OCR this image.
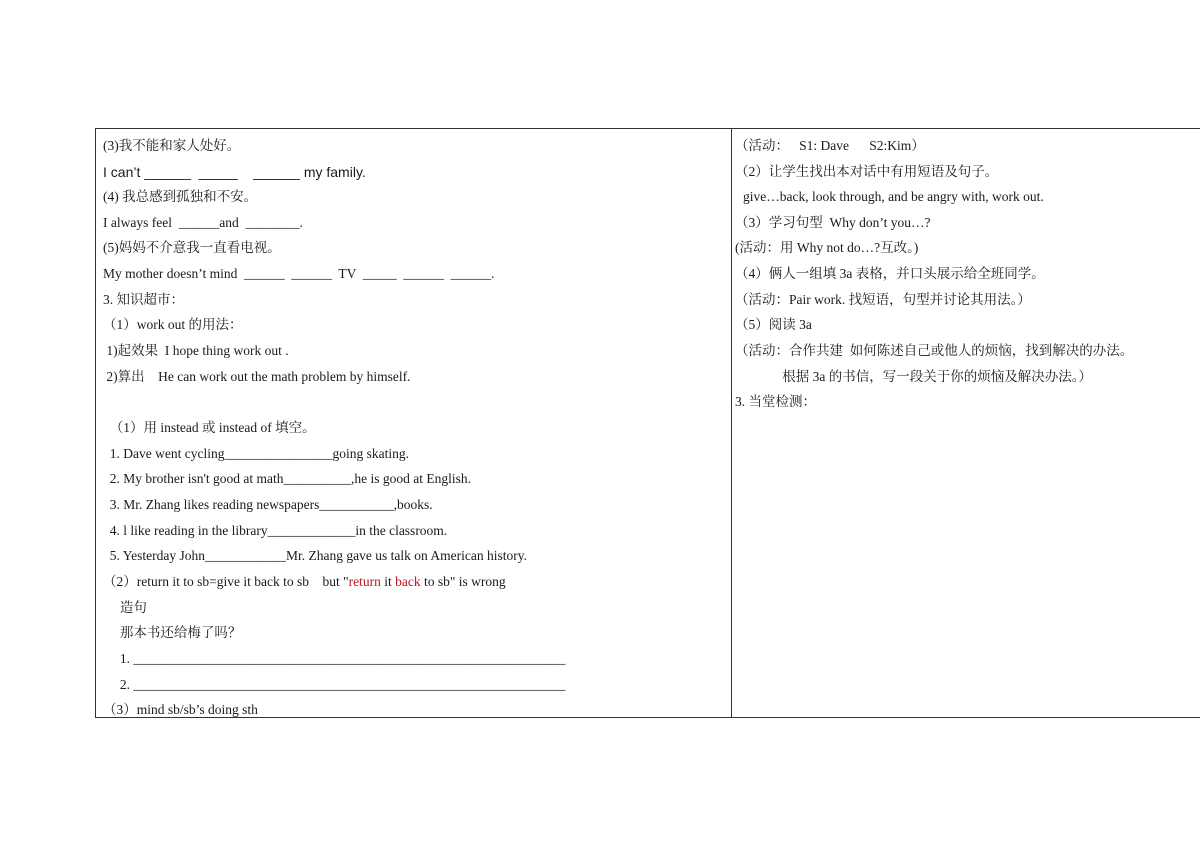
(3)我不能和家人处好。
I can’t ______  _____    ______ my family.
(4) 我总感到孤独和不安。
I always feel  ______and  ________.
(5)妈妈不介意我一直看电视。
My mother doesn’t mind  ______  ______  TV  _____  ______  ______.
3. 知识超市：
（1）work out 的用法：
1)起效果  I hope thing work out .
2)算出    He can work out the math problem by himself.
（1）用 instead 或 instead of 填空。
1. Dave went cycling________________going skating.
2. My brother isn't good at math__________,he is good at English.
3. Mr. Zhang likes reading newspapers___________,books.
4. l like reading in the library_____________in the classroom.
5. Yesterday John____________Mr. Zhang gave us talk on American history.
（2）return it to sb=give it back to sb    but "return it back to sb" is wrong
造句
那本书还给梅了吗？
1. ________________________________________________________________
2. ________________________________________________________________
（3）mind sb/sb’s doing sth
（活动：   S1: Dave      S2:Kim）
（2）让学生找出本对话中有用短语及句子。
give…back, look through, and be angry with, work out.
（3）学习句型  Why don’t you…?
(活动：用 Why not do…?互改。)
（4）俩人一组填 3a 表格，并口头展示给全班同学。
（活动：Pair work. 找短语，句型并讨论其用法。）
（5）阅读 3a
（活动：合作共建  如何陈述自己或他人的烦恼，找到解决的办法。
根据 3a 的书信，写一段关于你的烦恼及解决办法。）
3. 当堂检测：
